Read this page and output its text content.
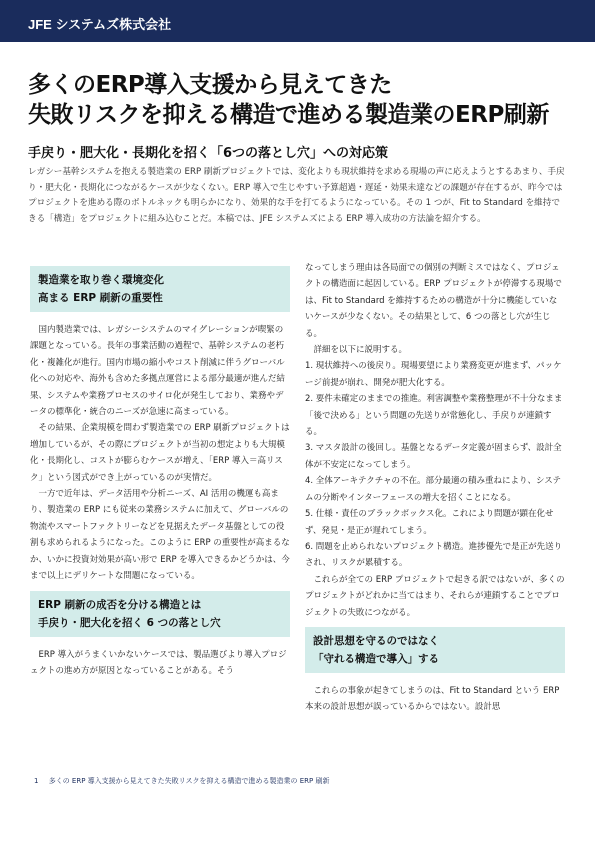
JFE システムズ株式会社
多くのERP導入支援から見えてきた
失敗リスクを抑える構造で進める製造業のERP刷新
手戻り・肥大化・長期化を招く「6つの落とし穴」への対応策
レガシー基幹システムを抱える製造業の ERP 刷新プロジェクトでは、変化よりも現状維持を求める現場の声に応えようとするあまり、手戻り・肥大化・長期化につながるケースが少なくない。ERP 導入で生じやすい予算超過・遅延・効果未達などの課題が存在するが、昨今ではプロジェクトを進める際のボトルネックも明らかになり、効果的な手を打てるようになっている。その 1 つが、Fit to Standard を維持できる「構造」をプロジェクトに組み込むことだ。本稿では、JFE システムズによる ERP 導入成功の方法論を紹介する。
製造業を取り巻く環境変化
高まる ERP 刷新の重要性

国内製造業では、レガシーシステムのマイグレーションが喫緊の課題となっている。長年の事業活動の過程で、基幹システムの老朽化・複雑化が進行。国内市場の縮小やコスト削減に伴うグローバル化への対応や、海外も含めた多拠点運営による部分最適が進んだ結果、システムや業務プロセスのサイロ化が発生しており、業務やデータの標準化・統合のニーズが急速に高まっている。

その結果、企業規模を問わず製造業での ERP 刷新プロジェクトは増加しているが、その際にプロジェクトが当初の想定よりも大規模化・長期化し、コストが膨らむケースが増え、「ERP 導入＝高リスク」という図式ができ上がっているのが実情だ。

一方で近年は、データ活用や分析ニーズ、AI 活用の機運も高まり、製造業の ERP にも従来の業務システムに加えて、グローバルの物流やスマートファクトリーなどを見据えたデータ基盤としての役割も求められるようになった。このように ERP の重要性が高まるなか、いかに投資対効果が高い形で ERP を導入できるかどうかは、今まで以上にデリケートな問題になっている。

ERP 刷新の成否を分ける構造とは
手戻り・肥大化を招く 6 つの落とし穴

ERP 導入がうまくいかないケースでは、製品選びより導入プロジェクトの進め方が原因となっていることがある。そう

なってしまう理由は各局面での個別の判断ミスではなく、プロジェクトの構造面に起因している。ERP プロジェクトが停滞する現場では、Fit to Standard を維持するための構造が十分に機能していないケースが少なくない。その結果として、6 つの落とし穴が生じる。

詳細を以下に説明する。

1. 現状維持への後戻り。現場要望により業務変更が進まず、パッケージ前提が崩れ、開発が肥大化する。

2. 要件未確定のままでの推進。利害調整や業務整理が不十分なまま「後で決める」という問題の先送りが常態化し、手戻りが連鎖する。

3. マスタ設計の後回し。基盤となるデータ定義が固まらず、設計全体が不安定になってしまう。

4. 全体アーキテクチャの不在。部分最適の積み重ねにより、システムの分断やインターフェースの増大を招くことになる。

5. 仕様・責任のブラックボックス化。これにより問題が顕在化せず、発見・是正が遅れてしまう。

6. 問題を止められないプロジェクト構造。進捗優先で是正が先送りされ、リスクが累積する。

これらが全ての ERP プロジェクトで起きる訳ではないが、多くのプロジェクトがどれかに当てはまり、それらが連鎖することでプロジェクトの失敗につながる。

設計思想を守るのではなく
「守れる構造で導入」する

これらの事象が起きてしまうのは、Fit to Standard という ERP 本来の設計思想が誤っているからではない。設計思

1 多くの ERP 導入支援から見えてきた失敗リスクを抑える構造で進める製造業の ERP 刷新
